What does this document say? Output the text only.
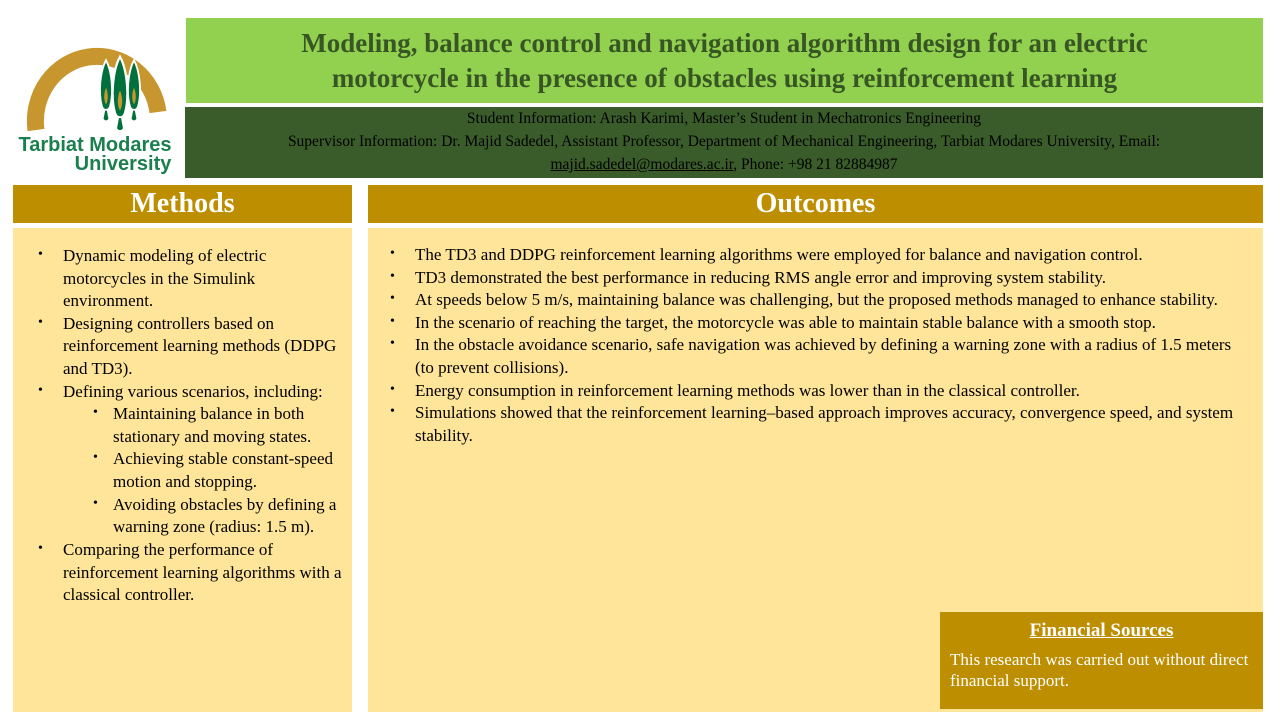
Tarbiat Modares
University
Modeling, balance control and navigation algorithm design for an electric
motorcycle in the presence of obstacles using reinforcement learning
Student Information: Arash Karimi, Master’s Student in Mechatronics Engineering
Supervisor Information: Dr. Majid Sadedel, Assistant Professor, Department of Mechanical Engineering, Tarbiat Modares University, Email:
majid.sadedel@modares.ac.ir, Phone: +98 21 82884987
Methods
•	Dynamic modeling of electric motorcycles in the Simulink environment.
•	Designing controllers based on reinforcement learning methods (DDPG and TD3).
•	Defining various scenarios, including:
• Maintaining balance in both stationary and moving states.
• Achieving stable constant-speed motion and stopping.
• Avoiding obstacles by defining a warning zone (radius: 1.5 m).
•	Comparing the performance of reinforcement learning algorithms with a classical controller.
Outcomes
•	The TD3 and DDPG reinforcement learning algorithms were employed for balance and navigation control.
•	TD3 demonstrated the best performance in reducing RMS angle error and improving system stability.
•	At speeds below 5 m/s, maintaining balance was challenging, but the proposed methods managed to enhance stability.
•	In the scenario of reaching the target, the motorcycle was able to maintain stable balance with a smooth stop.
•	In the obstacle avoidance scenario, safe navigation was achieved by defining a warning zone with a radius of 1.5 meters (to prevent collisions).
•	Energy consumption in reinforcement learning methods was lower than in the classical controller.
•	Simulations showed that the reinforcement learning–based approach improves accuracy, convergence speed, and system stability.
Financial Sources
This research was carried out without direct financial support.
